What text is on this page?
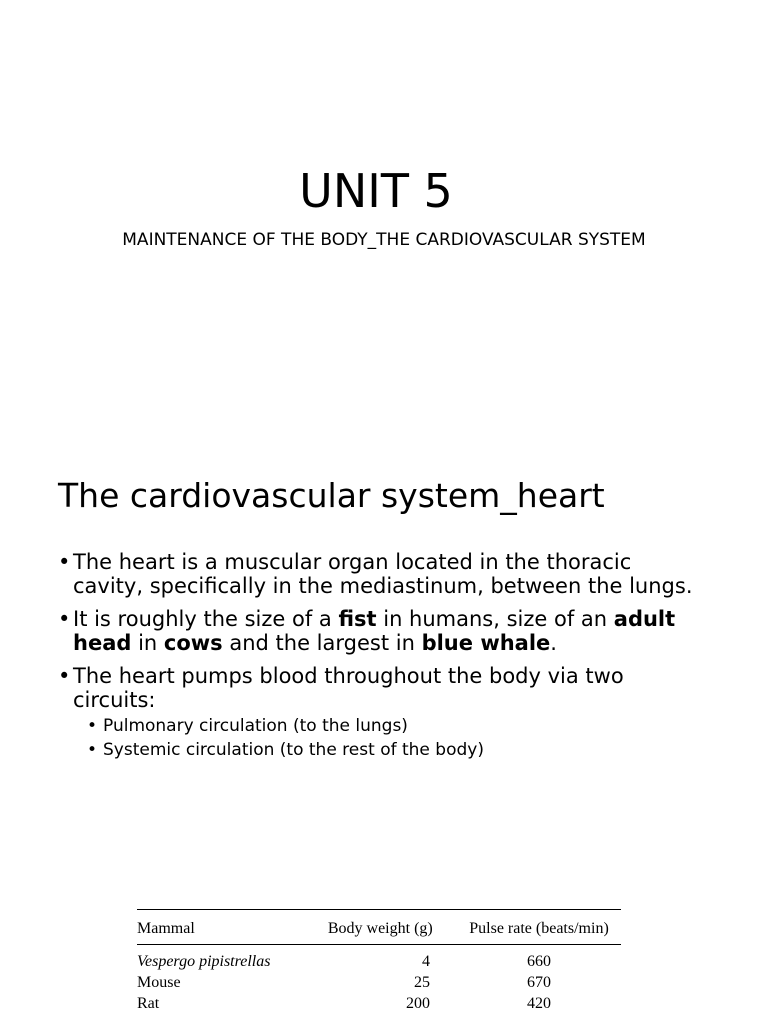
UNIT 5
MAINTENANCE OF THE BODY_THE CARDIOVASCULAR SYSTEM
The cardiovascular system_heart
• The heart is a muscular organ located in the thoracic cavity, specifically in the mediastinum, between the lungs.
• It is roughly the size of a fist in humans, size of an adult head in cows and the largest in blue whale.
• The heart pumps blood throughout the body via two circuits:
• Pulmonary circulation (to the lungs)
• Systemic circulation (to the rest of the body)
Mammal	Body weight (g)	Pulse rate (beats/min)
Vespergo pipistrellas	4	660
Mouse	25	670
Rat	200	420
